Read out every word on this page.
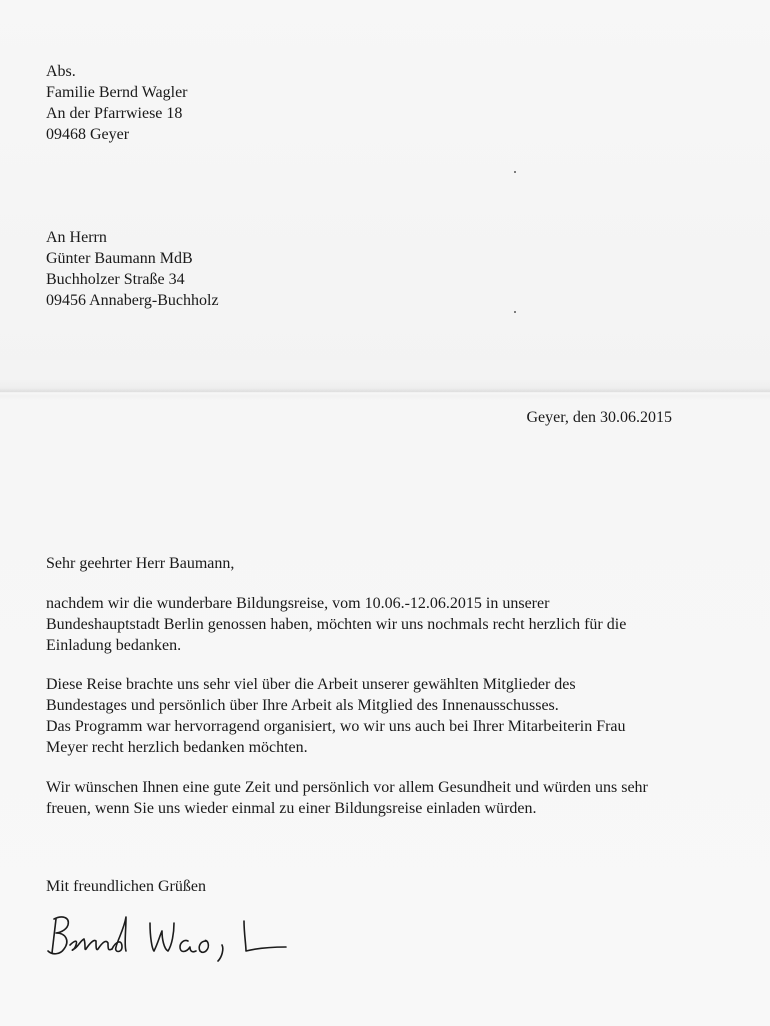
Abs.
Familie Bernd Wagler
An der Pfarrwiese 18
09468 Geyer
An Herrn
Günter Baumann MdB
Buchholzer Straße 34
09456 Annaberg-Buchholz
Geyer, den 30.06.2015
Sehr geehrter Herr Baumann,
nachdem wir die wunderbare Bildungsreise, vom 10.06.-12.06.2015 in unserer
Bundeshauptstadt Berlin genossen haben, möchten wir uns nochmals recht herzlich für die
Einladung bedanken.
Diese Reise brachte uns sehr viel über die Arbeit unserer gewählten Mitglieder des
Bundestages und persönlich über Ihre Arbeit als Mitglied des Innenausschusses.
Das Programm war hervorragend organisiert, wo wir uns auch bei Ihrer Mitarbeiterin Frau
Meyer recht herzlich bedanken möchten.
Wir wünschen Ihnen eine gute Zeit und persönlich vor allem Gesundheit und würden uns sehr
freuen, wenn Sie uns wieder einmal zu einer Bildungsreise einladen würden.
Mit freundlichen Grüßen
